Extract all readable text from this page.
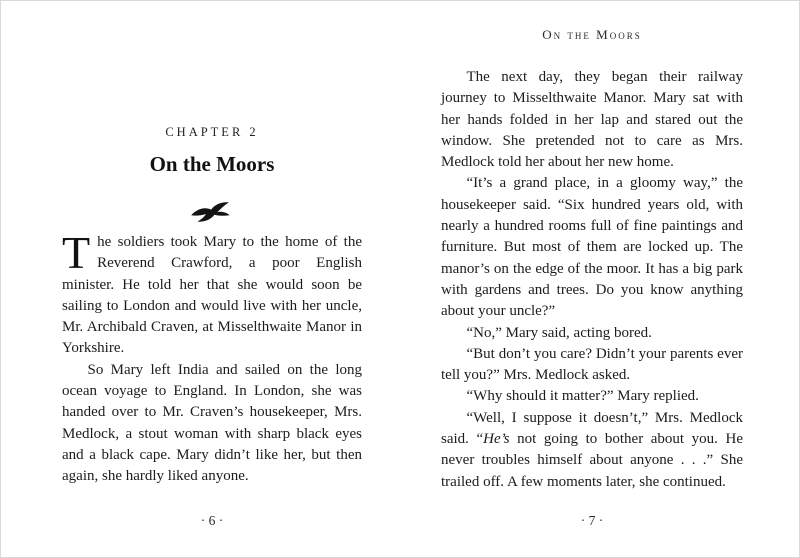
CHAPTER 2
On the Moors

The soldiers took Mary to the home of the Reverend Crawford, a poor English minister. He told her that she would soon be sailing to London and would live with her uncle, Mr. Archibald Craven, at Misselthwaite Manor in Yorkshire.

So Mary left India and sailed on the long ocean voyage to England. In London, she was handed over to Mr. Craven’s housekeeper, Mrs. Medlock, a stout woman with sharp black eyes and a black cape. Mary didn’t like her, but then again, she hardly liked anyone.

· 6 ·
On the Moors

The next day, they began their railway journey to Misselthwaite Manor. Mary sat with her hands folded in her lap and stared out the window. She pretended not to care as Mrs. Medlock told her about her new home.

“It’s a grand place, in a gloomy way,” the housekeeper said. “Six hundred years old, with nearly a hundred rooms full of fine paintings and furniture. But most of them are locked up. The manor’s on the edge of the moor. It has a big park with gardens and trees. Do you know anything about your uncle?”

“No,” Mary said, acting bored.

“But don’t you care? Didn’t your parents ever tell you?” Mrs. Medlock asked.

“Why should it matter?” Mary replied.

“Well, I suppose it doesn’t,” Mrs. Medlock said. “He’s not going to bother about you. He never troubles himself about anyone . . .” She trailed off. A few moments later, she continued.

· 7 ·
